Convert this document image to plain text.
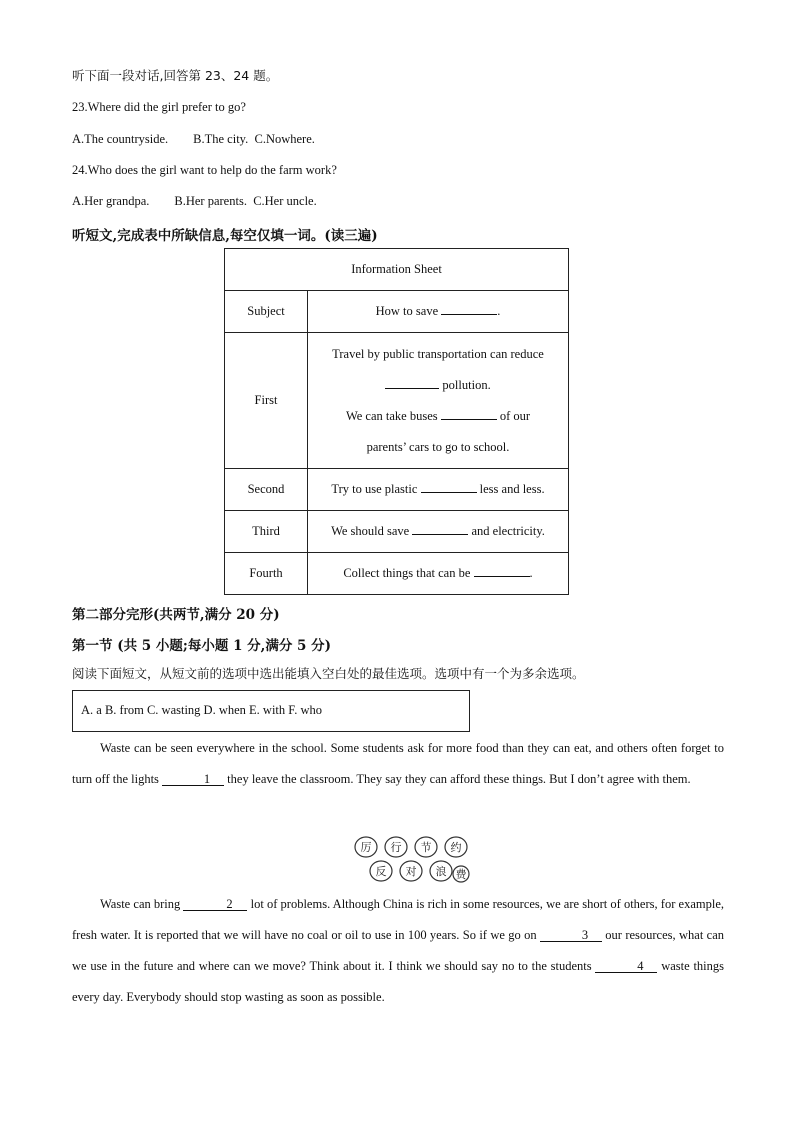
听下面一段对话,回答第 23、24 题。
23.Where did the girl prefer to go?
A.The countryside.        B.The city.  C.Nowhere.
24.Who does the girl want to help do the farm work?
A.Her grandpa.        B.Her parents.  C.Her uncle.
听短文,完成表中所缺信息,每空仅填一词。(读三遍)
Information Sheet	
Subject	How to save .
First	Travel by public transportation can reduce
pollution.
We can take buses of our
parents’ cars to go to school.

Second	Try to use plastic less and less.
Third	We should save and electricity.
Fourth	Collect things that can be .
第二部分完形(共两节,满分 20 分)
第一节 (共 5 小题;每小题 1 分,满分 5 分)
阅读下面短文，从短文前的选项中选出能填入空白处的最佳选项。选项中有一个为多余选项。
A. a B. from C. wasting D. when E. with F. who

Waste can be seen everywhere in the school. Some students ask for more food than they can eat, and others often forget to turn off the lights	1 they leave the classroom. They say they can afford these things. But I don’t agree with them.

厉 行 节 约
反 对 浪 费

Waste can bring	2 lot of problems. Although China is rich in some resources, we are short of others, for example, fresh water. It is reported that we will have no coal or oil to use in 100 years. So if we go on	3 our resources, what can we use in the future and where can we move? Think about it. I think we should say no to the students	4 waste things every day. Everybody should stop wasting as soon as possible.
